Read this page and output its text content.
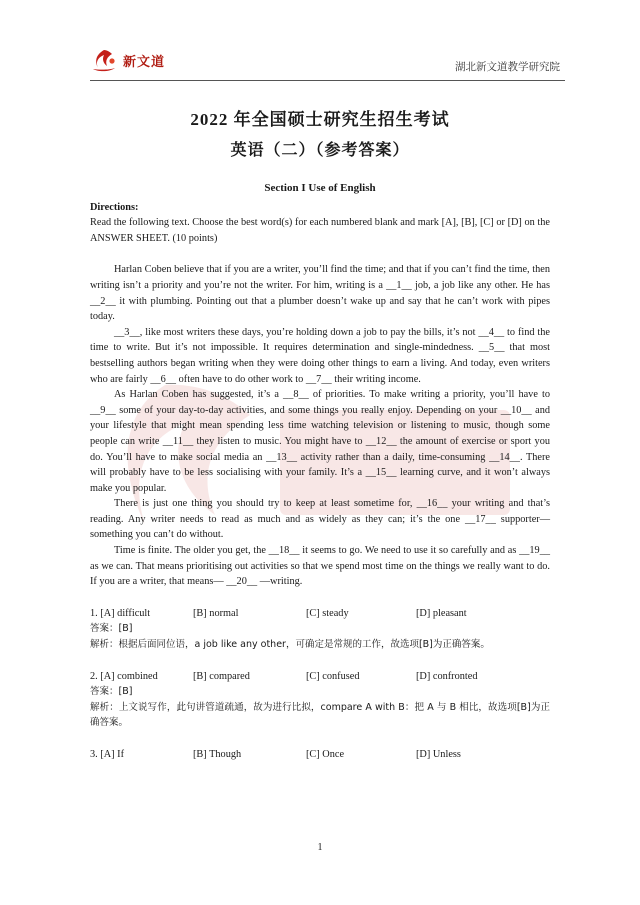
新文道	湖北新文道教学研究院
2022 年全国硕士研究生招生考试
英语（二）（参考答案）
Section I Use of English

Directions:

Read the following text. Choose the best word(s) for each numbered blank and mark [A], [B], [C] or [D] on the ANSWER SHEET. (10 points)

Harlan Coben believe that if you are a writer, you’ll find the time; and that if you can’t find the time, then writing isn’t a priority and you’re not the writer. For him, writing is a __1__ job, a job like any other. He has __2__ it with plumbing. Pointing out that a plumber doesn’t wake up and say that he can’t work with pipes today.

__3__, like most writers these days, you’re holding down a job to pay the bills, it’s not __4__ to find the time to write. But it’s not impossible. It requires determination and single-mindedness. __5__ that most bestselling authors began writing when they were doing other things to earn a living. And today, even writers who are fairly __6__ often have to do other work to __7__ their writing income.

As Harlan Coben has suggested, it’s a __8__ of priorities. To make writing a priority, you’ll have to __9__ some of your day-to-day activities, and some things you really enjoy. Depending on your __10__ and your lifestyle that might mean spending less time watching television or listening to music, though some people can write __11__ they listen to music. You might have to __12__ the amount of exercise or sport you do. You’ll have to make social media an __13__ activity rather than a daily, time-consuming __14__. There will probably have to be less socialising with your family. It’s a __15__ learning curve, and it won’t always make you popular.

There is just one thing you should try to keep at least sometime for, __16__ your writing and that’s reading. Any writer needs to read as much and as widely as they can; it’s the one __17__ supporter—something you can’t do without.

Time is finite. The older you get, the __18__ it seems to go. We need to use it so carefully and as __19__ as we can. That means prioritising out activities so that we spend most time on the things we really want to do. If you are a writer, that means— __20__ —writing.

1. [A] difficult	[B] normal	[C] steady	[D] pleasant

答案：[B]

解析：根据后面同位语，a job like any other，可确定是常规的工作，故选项[B]为正确答案。

2. [A] combined	[B] compared	[C] confused	[D] confronted

答案：[B]

解析：上文说写作，此句讲管道疏通，故为进行比拟，compare A with B：把 A 与 B 相比，故选项[B]为正确答案。

3. [A] If	[B] Though	[C] Once	[D] Unless
1
